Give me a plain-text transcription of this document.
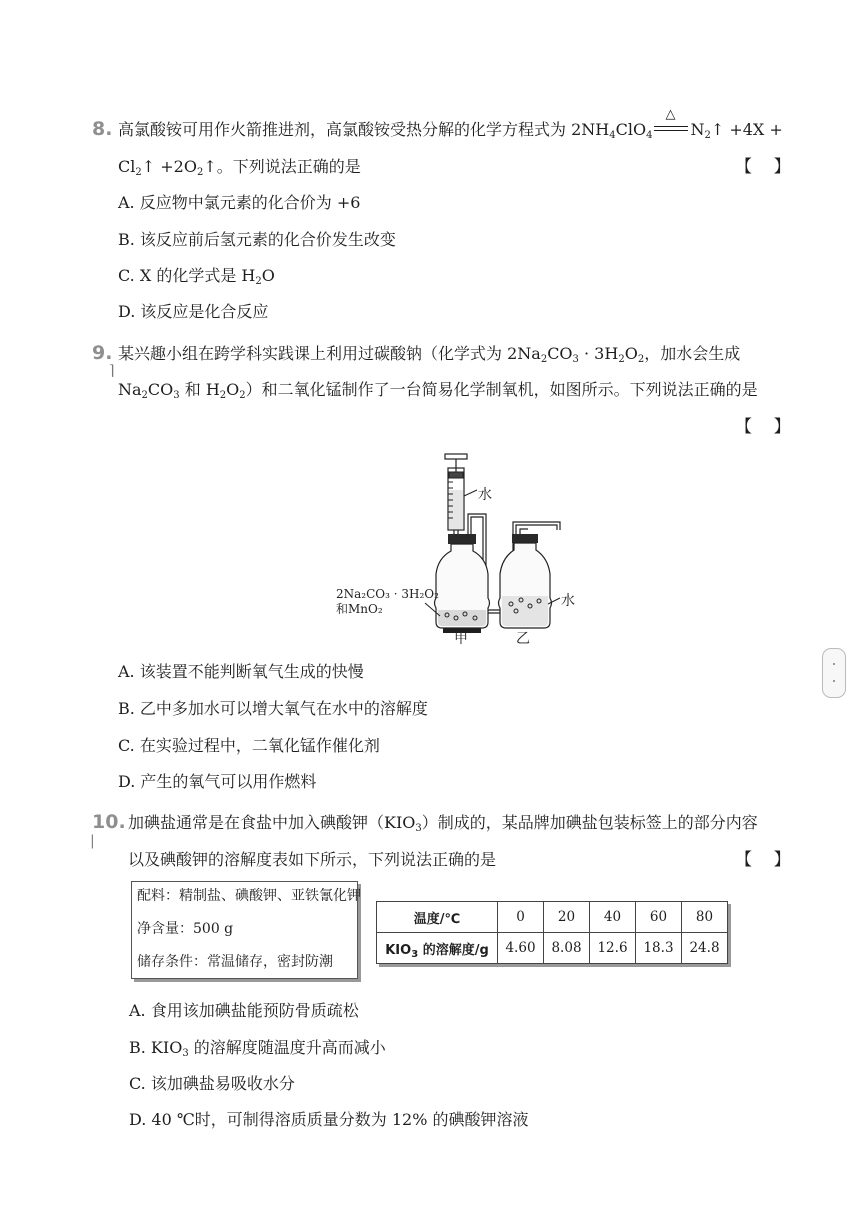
8. 高氯酸铵可用作火箭推进剂，高氯酸铵受热分解的化学方程式为 $2NH_4ClO_4$
△
$N_2↑ +4X$ +
$Cl_2↑$ $+2O_2↑$。下列说法正确的是	【    】
A. 反应物中氯元素的化合价为 +6
B. 该反应前后氢元素的化合价发生改变
C. X 的化学式是 $H_2O$
D. 该反应是化合反应
9. 某兴趣小组在跨学科实践课上利用过碳酸钠（化学式为 $2Na_2CO_3 \cdot 3H_2O_2$，加水会生成
$Na_2CO_3$ 和 $H_2O_2$）和二氧化锰制作了一台简易化学制氧机，如图所示。下列说法正确的是
【    】
⌉
水
甲
水
乙
2Na₂CO₃ · 3H₂O₂
和MnO₂
A. 该装置不能判断氧气生成的快慢
B. 乙中多加水可以增大氧气在水中的溶解度
C. 在实验过程中，二氧化锰作催化剂
D. 产生的氧气可以用作燃料
10. 加碘盐通常是在食盐中加入碘酸钾$(KIO_3)$制成的，某品牌加碘盐包装标签上的部分内容
以及碘酸钾的溶解度表如下所示，下列说法正确的是	【    】
|
配料：精制盐、碘酸钾、亚铁氰化钾
净含量：500 g
储存条件：常温储存，密封防潮
温度/℃	0	20	40	60	80
$KIO_3$ 的溶解度/g	4.60	8.08	12.6	18.3	24.8
A. 食用该加碘盐能预防骨质疏松
B. $KIO_3$ 的溶解度随温度升高而减小
C. 该加碘盐易吸收水分
D. 40 ℃时，可制得溶质质量分数为 12% 的碘酸钾溶液
